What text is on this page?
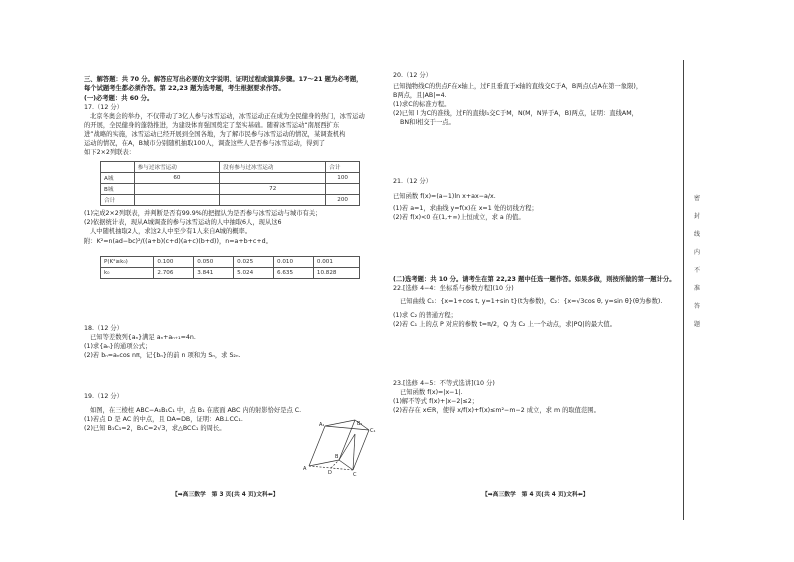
三、解答题：共 70 分。解答应写出必要的文字说明、证明过程或演算步骤。17～21 题为必考题，
每个试题考生都必须作答。第 22,23 题为选考题，考生根据要求作答。
(一)必考题：共 60 分。
17.（12 分）
北京冬奥会的举办，不仅带动了3亿人参与冰雪运动，冰雪运动正在成为全民健身的热门，冰雪运动
的开展，全民健身的蓬勃推进，为建设体育强国奠定了坚实基础。随着冰雪运动“南展西扩东
进”战略的实施，冰雪运动已经开展到全国各地，为了解市民参与冰雪运动的情况，某调查机构
运动的情况，在A，B城市分别随机抽取100人，调查这些人是否参与冰雪运动，得到了
如下2×2列联表：
	参与过冰雪运动	没有参与过冰雪运动	合计
A城	60		100
B城		72	
合计			200
(1)完成2×2列联表，并判断是否有99.9%的把握认为是否参与冰雪运动与城市有关；
(2)依据统计表，现从A城调查的参与冰雪运动的人中抽取6人，现从这6
人中随机抽取2人，求这2人中至少有1人来自A城的概率。
附：K²=n(ad−bc)²/((a+b)(c+d)(a+c)(b+d))，n=a+b+c+d。
P(K²≥k₀)	0.100	0.050	0.025	0.010	0.001
k₀	2.706	3.841	5.024	6.635	10.828
18.（12 分）
已知等差数列{aₙ}满足 aₙ+aₙ₊₁=4n.
(1)求{aₙ}的通项公式；
(2)若 bₙ=aₙcos nπ，记{bₙ}的前 n 项和为 Sₙ，求 S₂ₙ.
19.（12 分）
如图，在三棱柱 ABC−A₁B₁C₁ 中，点 B₁ 在底面 ABC 内的射影恰好是点 C.
(1)若点 D 是 AC 的中点，且 DA=DB，证明：AB⊥CC₁.
(2)已知 B₁C₁=2，B₁C=2√3，求△BCC₁ 的周长。
A
A₁
B
B₁
C
C₁
D
【➡高三数学　第 3 页(共 4 页)文科⬅】
20.（12 分）
已知抛物线C的焦点F在x轴上，过F且垂直于x轴的直线交C于A，B两点(点A在第一象限)，
B两点，且|AB|=4.
(1)求C的标准方程。
(2)已知 l 为C的准线，过F的直线l₁交C于M，N(M，N异于A，B)两点，证明：直线AM，
BN和l相交于一点。
21.（12 分）
已知函数 f(x)=(a−1)ln x+ax−a/x.
(1)若 a=1，求曲线 y=f(x)在 x=1 处的切线方程；
(2)若 f(x)<0 在(1,+∞)上恒成立，求 a 的值。
(二)选考题：共 10 分。请考生在第 22,23 题中任选一题作答。如果多做，则按所做的第一题计分。
22.[选修 4−4：坐标系与参数方程](10 分)
已知曲线 C₁：{x=1+cos t, y=1+sin t}(t为参数)，C₂：{x=√3cos θ, y=sin θ}(θ为参数).
(1)求 C₂ 的普通方程；
(2)若 C₁ 上的点 P 对应的参数 t=π/2，Q 为 C₂ 上一个动点，求|PQ|的最大值。
23.[选修 4−5：不等式选讲](10 分)
已知函数 f(x)=|x−1|.
(1)解不等式 f(x)+|x−2|≤2；
(2)若存在 x∈R，使得 x/f(x)+f(x)≤m²−m−2 成立，求 m 的取值范围。
【➡高三数学　第 4 页(共 4 页)文科⬅】
密
封
线
内
不
准
答
题
